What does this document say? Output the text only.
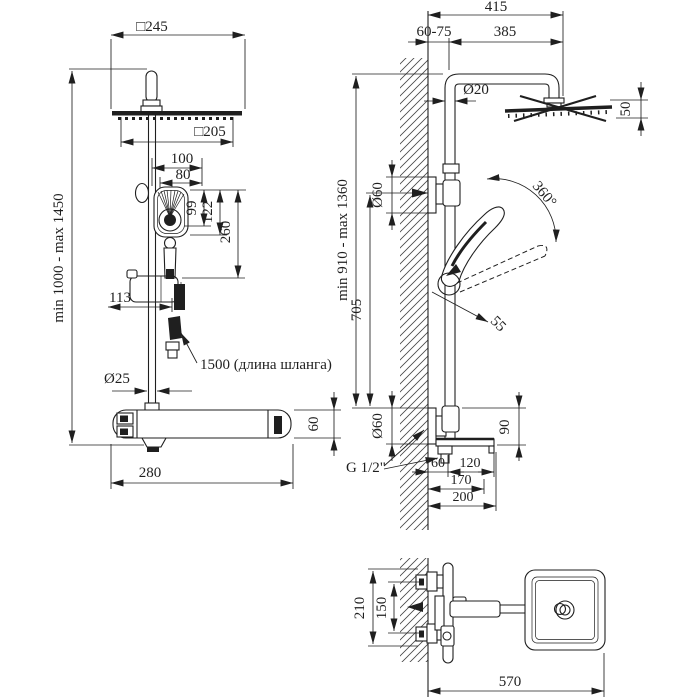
□245
□205
100
80
99 122
260
min 1000 - max 1450	113
1500 (длина шланга)
Ø25
60
280
360°
55
415
60-75	385
Ø20
50
Ø60
min 910 - max 1360
705
Ø60	90
G 1/2"	60 120
170
200
210 150
570
